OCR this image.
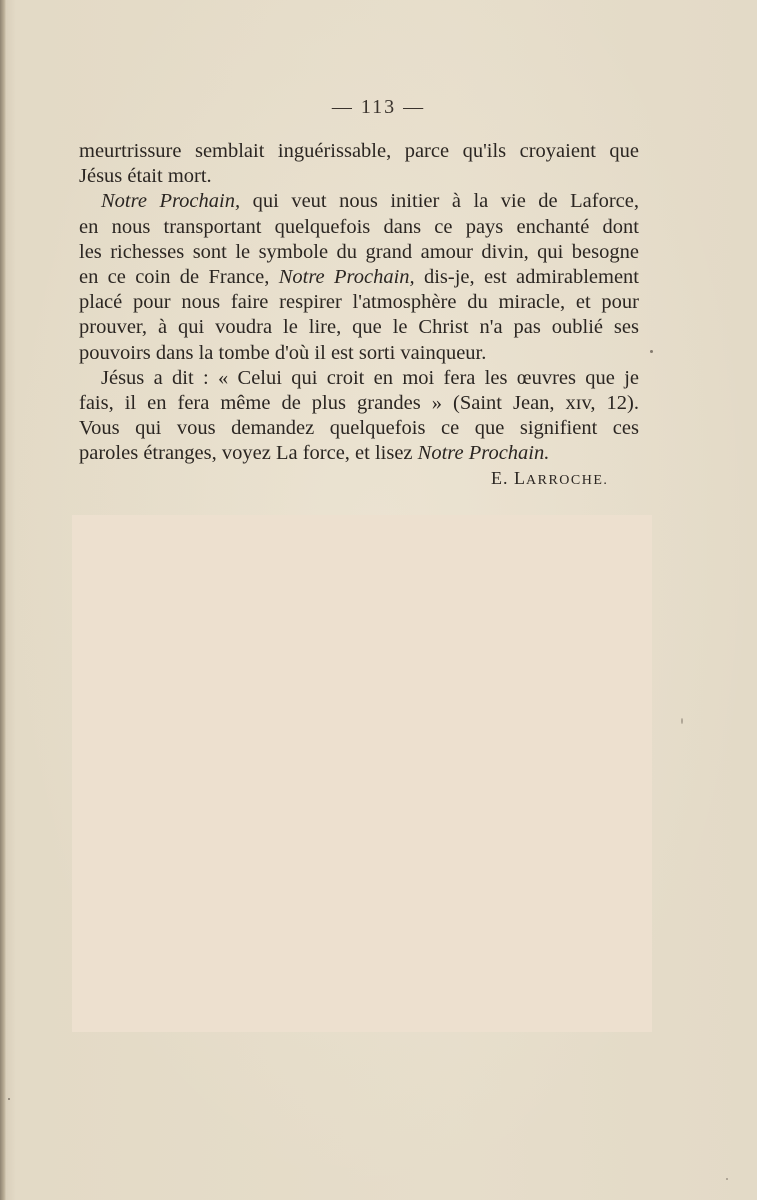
— 113 —
meurtrissure semblait inguérissable, parce qu'ils croyaient que
Jésus était mort.
Notre Prochain, qui veut nous initier à la vie de Laforce,
en nous transportant quelquefois dans ce pays enchanté dont
les richesses sont le symbole du grand amour divin, qui besogne
en ce coin de France, Notre Prochain, dis-je, est admirablement
placé pour nous faire respirer l'atmosphère du miracle, et pour
prouver, à qui voudra le lire, que le Christ n'a pas oublié ses
pouvoirs dans la tombe d'où il est sorti vainqueur.
Jésus a dit : « Celui qui croit en moi fera les œuvres que je
fais, il en fera même de plus grandes » (Saint Jean, xɪv, 12).
Vous qui vous demandez quelquefois ce que signifient ces
paroles étranges, voyez La force, et lisez Notre Prochain.
E. LARROCHE.
